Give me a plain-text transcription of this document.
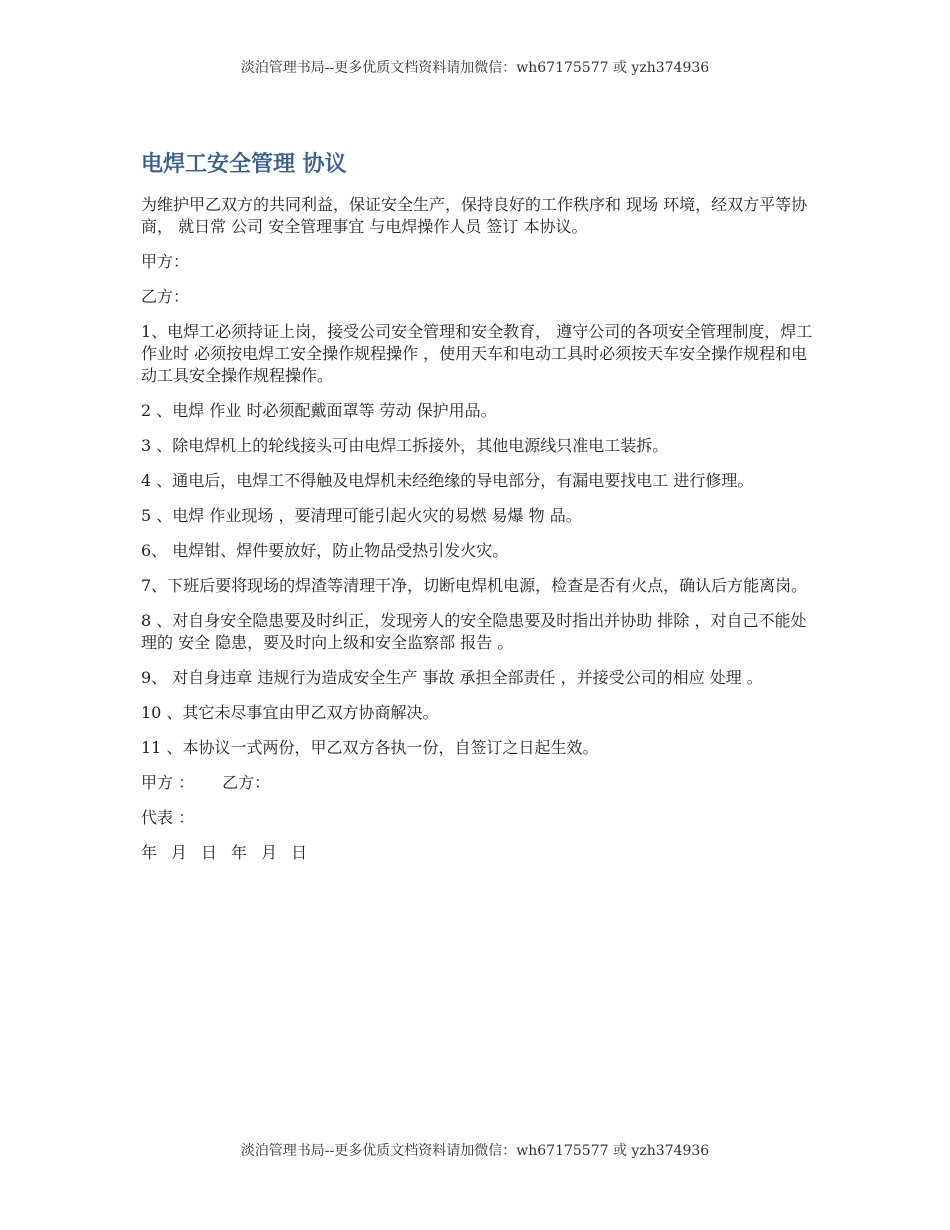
淡泊管理书局--更多优质文档资料请加微信：wh67175577 或 yzh374936
电焊工安全管理 协议

为维护甲乙双方的共同利益，保证安全生产，保持良好的工作秩序和 现场 环境，经双方平等协商， 就日常 公司 安全管理事宜 与电焊操作人员 签订 本协议。

甲方：

乙方：

1、电焊工必须持证上岗，接受公司安全管理和安全教育， 遵守公司的各项安全管理制度，焊工作业时 必须按电焊工安全操作规程操作 ，使用天车和电动工具时必须按天车安全操作规程和电动工具安全操作规程操作。

2 、电焊 作业 时必须配戴面罩等 劳动 保护用品。

3 、除电焊机上的轮线接头可由电焊工拆接外，其他电源线只准电工装拆。

4 、通电后，电焊工不得触及电焊机未经绝缘的导电部分，有漏电要找电工 进行修理。

5 、电焊 作业现场 ，要清理可能引起火灾的易燃 易爆 物 品。

6、 电焊钳、焊件要放好，防止物品受热引发火灾。

7、下班后要将现场的焊渣等清理干净，切断电焊机电源，检查是否有火点，确认后方能离岗。

8 、对自身安全隐患要及时纠正，发现旁人的安全隐患要及时指出并协助 排除 ，对自己不能处理的 安全 隐患，要及时向上级和安全监察部 报告 。

9、 对自身违章 违规行为造成安全生产 事故 承担全部责任 ，并接受公司的相应 处理 。

10 、其它未尽事宜由甲乙双方协商解决。

11 、本协议一式两份，甲乙双方各执一份，自签订之日起生效。

甲方 ： 乙方：

代表 ：

年 月 日 年 月 日

淡泊管理书局--更多优质文档资料请加微信：wh67175577 或 yzh374936
